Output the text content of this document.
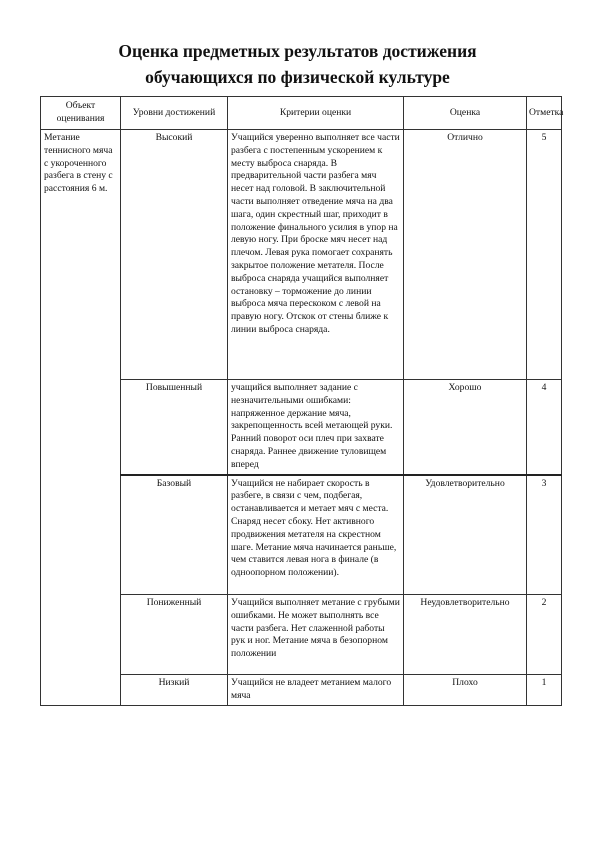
Оценка предметных результатов достижения
обучающихся по физической культуре
Объект оценивания	Уровни достижений	Критерии оценки	Оценка	Отметка
Метание теннисного мяча с укороченного разбега в стену с расстояния 6 м.	Высокий	Учащийся уверенно выполняет все части разбега с постепенным ускорением к месту выброса снаряда. В предварительной части разбега мяч несет над головой. В заключительной части выполняет отведение мяча на два шага, один скрестный шаг, приходит в положение финального усилия в упор на левую ногу. При броске мяч несет над плечом. Левая рука помогает сохранять закрытое положение метателя. После выброса снаряда учащийся выполняет остановку – торможение до линии выброса мяча перескоком с левой на правую ногу. Отскок от стены ближе к линии выброса снаряда.	Отлично	5
	Повышенный	учащийся выполняет задание с незначительными ошибками: напряженное держание мяча, закрепощенность всей метающей руки. Ранний поворот оси плеч при захвате снаряда. Раннее движение туловищем вперед	Хорошо	4
	Базовый	Учащийся не набирает скорость в разбеге, в связи с чем, подбегая, останавливается и метает мяч с места. Снаряд несет сбоку. Нет активного продвижения метателя на скрестном шаге. Метание мяча начинается раньше, чем ставится левая нога в финале (в одноопорном положении).	Удовлетворительно	3
	Пониженный	Учащийся выполняет метание с грубыми ошибками. Не может выполнять все части разбега. Нет слаженной работы рук и ног. Метание мяча в безопорном положении	Неудовлетворительно	2
	Низкий	Учащийся не владеет метанием малого мяча	Плохо	1
